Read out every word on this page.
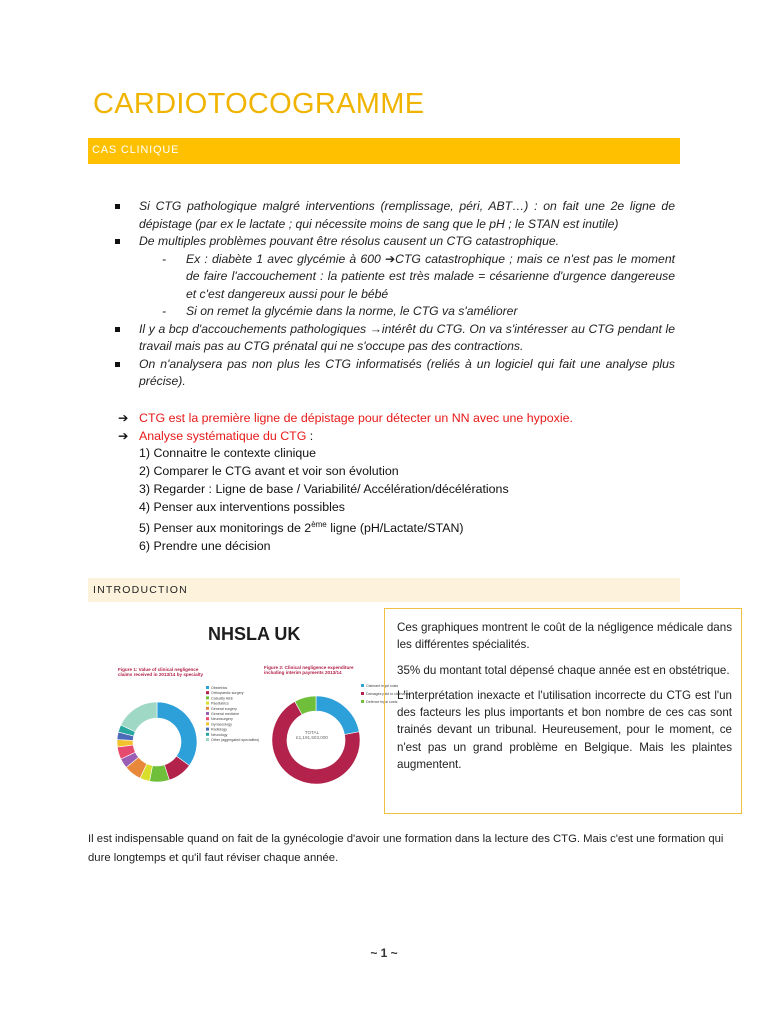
CARDIOTOCOGRAMME
CAS CLINIQUE
Si CTG pathologique malgré interventions (remplissage, péri, ABT…) : on fait une 2e ligne de dépistage (par ex le lactate ; qui nécessite moins de sang que le pH ; le STAN est inutile)
De multiples problèmes pouvant être résolus causent un CTG catastrophique.
- Ex : diabète 1 avec glycémie à 600 ➔CTG catastrophique ; mais ce n'est pas le moment de faire l'accouchement : la patiente est très malade = césarienne d'urgence dangereuse et c'est dangereux aussi pour le bébé
- Si on remet la glycémie dans la norme, le CTG va s'améliorer
Il y a bcp d'accouchements pathologiques →intérêt du CTG. On va s'intéresser au CTG pendant le travail mais pas au CTG prénatal qui ne s'occupe pas des contractions.
On n'analysera pas non plus les CTG informatisés (reliés à un logiciel qui fait une analyse plus précise).
➔ CTG est la première ligne de dépistage pour détecter un NN avec une hypoxie.
➔ Analyse systématique du CTG :
1) Connaitre le contexte clinique
2) Comparer le CTG avant et voir son évolution
3) Regarder : Ligne de base / Variabilité/ Accélération/décélérations
4) Penser aux interventions possibles
5) Penser aux monitorings de 2ème ligne (pH/Lactate/STAN)
6) Prendre une décision
INTRODUCTION
NHSLA UK
Obstetrics
Orthopaedic surgery
Casualty A&E
Paediatrics
General surgery
General medicine
Neurosurgery
Gynaecology
Radiology
Neurology
Other (aggregated specialties)
Claimant legal costs
Damages paid to claimants
Defence legal costs
Figure 1: Value of clinical negligence claims received in 2013/14 by specialty
Figure 2: Clinical negligence expenditure including interim payments 2013/14
TOTAL £1,191,503,000

Ces graphiques montrent le coût de la négligence médicale dans les différentes spécialités.

35% du montant total dépensé chaque année est en obstétrique.

L'interprétation inexacte et l'utilisation incorrecte du CTG est l'un des facteurs les plus importants et bon nombre de ces cas sont trainés devant un tribunal. Heureusement, pour le moment, ce n'est pas un grand problème en Belgique. Mais les plaintes augmentent.

Il est indispensable quand on fait de la gynécologie d'avoir une formation dans la lecture des CTG. Mais c'est une formation qui dure longtemps et qu'il faut réviser chaque année.
~ 1 ~
